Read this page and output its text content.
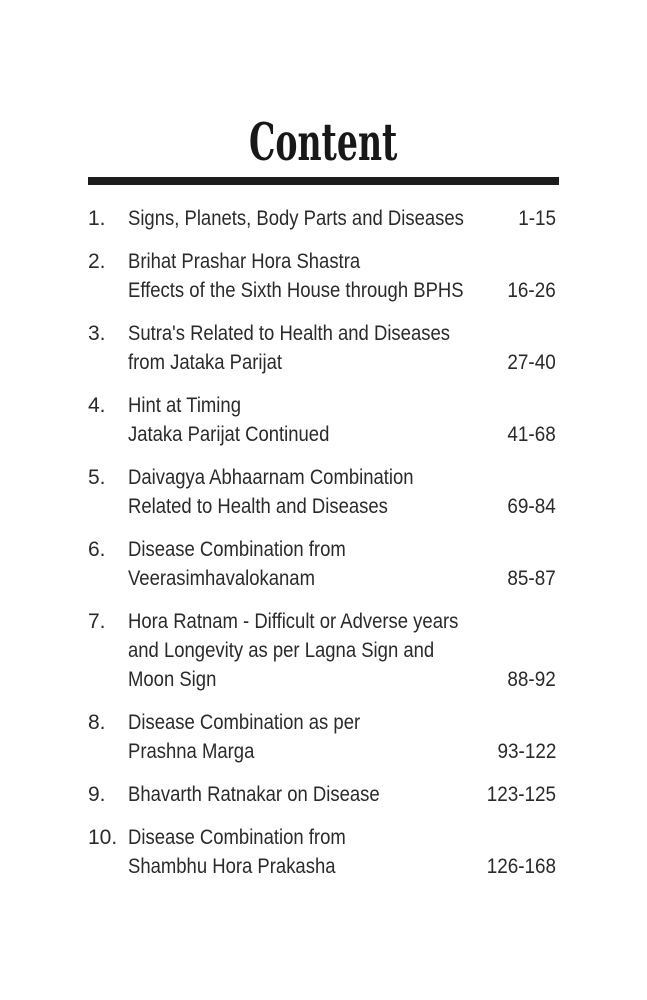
Content
1. Signs, Planets, Body Parts and Diseases	1-15
2. Brihat Prashar Hora Shastra
Effects of the Sixth House through BPHS	16-26
3. Sutra's Related to Health and Diseases
from Jataka Parijat	27-40
4. Hint at Timing
Jataka Parijat Continued	41-68
5. Daivagya Abhaarnam Combination
Related to Health and Diseases	69-84
6. Disease Combination from
Veerasimhavalokanam	85-87
7. Hora Ratnam - Difficult or Adverse years
and Longevity as per Lagna Sign and
Moon Sign	88-92
8. Disease Combination as per
Prashna Marga	93-122
9. Bhavarth Ratnakar on Disease	123-125
10. Disease Combination from
Shambhu Hora Prakasha	126-168
